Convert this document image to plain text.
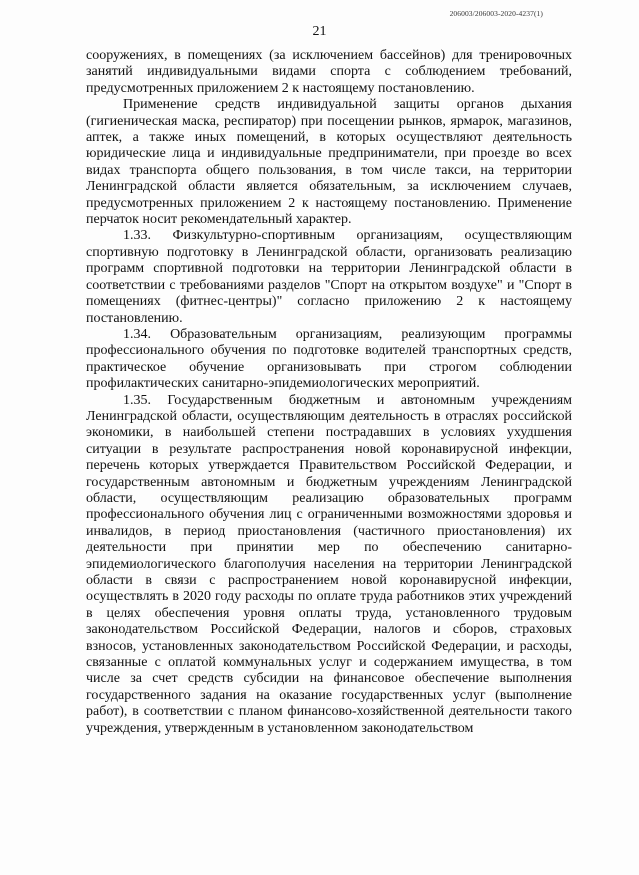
206003/206003-2020-4237(1)
21

сооружениях, в помещениях (за исключением бассейнов) для тренировочных занятий индивидуальными видами спорта с соблюдением требований, предусмотренных приложением 2 к настоящему постановлению.

Применение средств индивидуальной защиты органов дыхания (гигиеническая маска, респиратор) при посещении рынков, ярмарок, магазинов, аптек, а также иных помещений, в которых осуществляют деятельность юридические лица и индивидуальные предприниматели, при проезде во всех видах транспорта общего пользования, в том числе такси, на территории Ленинградской области является обязательным, за исключением случаев, предусмотренных приложением 2 к настоящему постановлению. Применение перчаток носит рекомендательный характер.

1.33. Физкультурно-спортивным организациям, осуществляющим спортивную подготовку в Ленинградской области, организовать реализацию программ спортивной подготовки на территории Ленинградской области в соответствии с требованиями разделов "Спорт на открытом воздухе" и "Спорт в помещениях (фитнес-центры)" согласно приложению 2 к настоящему постановлению.

1.34. Образовательным организациям, реализующим программы профессионального обучения по подготовке водителей транспортных средств, практическое обучение организовывать при строгом соблюдении профилактических санитарно-эпидемиологических мероприятий.

1.35. Государственным бюджетным и автономным учреждениям Ленинградской области, осуществляющим деятельность в отраслях российской экономики, в наибольшей степени пострадавших в условиях ухудшения ситуации в результате распространения новой коронавирусной инфекции, перечень которых утверждается Правительством Российской Федерации, и государственным автономным и бюджетным учреждениям Ленинградской области, осуществляющим реализацию образовательных программ профессионального обучения лиц с ограниченными возможностями здоровья и инвалидов, в период приостановления (частичного приостановления) их деятельности при принятии мер по обеспечению санитарно-эпидемиологического благополучия населения на территории Ленинградской области в связи с распространением новой коронавирусной инфекции, осуществлять в 2020 году расходы по оплате труда работников этих учреждений в целях обеспечения уровня оплаты труда, установленного трудовым законодательством Российской Федерации, налогов и сборов, страховых взносов, установленных законодательством Российской Федерации, и расходы, связанные с оплатой коммунальных услуг и содержанием имущества, в том числе за счет средств субсидии на финансовое обеспечение выполнения государственного задания на оказание государственных услуг (выполнение работ), в соответствии с планом финансово-хозяйственной деятельности такого учреждения, утвержденным в установленном законодательством
